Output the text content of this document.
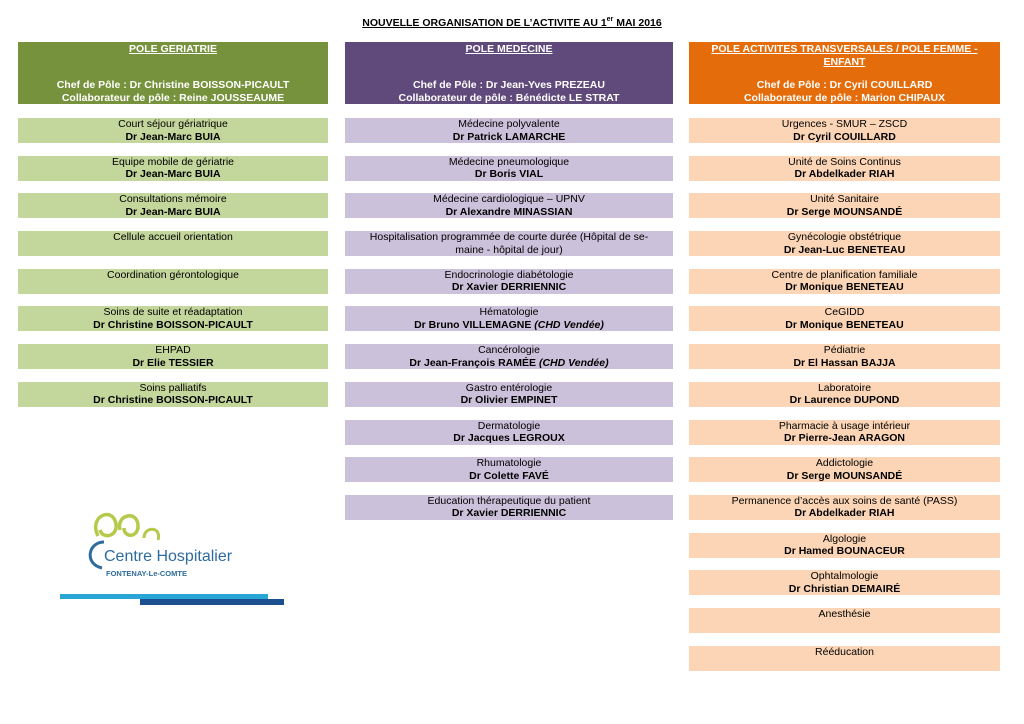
NOUVELLE ORGANISATION DE L’ACTIVITE AU 1er MAI 2016
POLE GERIATRIE
Chef de Pôle : Dr Christine BOISSON-PICAULT
Collaborateur de pôle : Reine JOUSSEAUME
Court séjour gériatrique
Dr Jean-Marc BUIA
Equipe mobile de gériatrie
Dr Jean-Marc BUIA
Consultations mémoire
Dr Jean-Marc BUIA
Cellule accueil orientation
Coordination gérontologique
Soins de suite et réadaptation
Dr Christine BOISSON-PICAULT
EHPAD
Dr Elie TESSIER
Soins palliatifs
Dr Christine BOISSON-PICAULT
POLE MEDECINE
Chef de Pôle : Dr Jean-Yves PREZEAU
Collaborateur de pôle : Bénédicte LE STRAT
Médecine polyvalente
Dr Patrick LAMARCHE
Médecine pneumologique
Dr Boris VIAL
Médecine cardiologique – UPNV
Dr Alexandre MINASSIAN
Hospitalisation programmée de courte durée (Hôpital de se-maine - hôpital de jour)
Endocrinologie diabétologie
Dr Xavier DERRIENNIC
Hématologie
Dr Bruno VILLEMAGNE (CHD Vendée)
Cancérologie
Dr Jean-François RAMÉE (CHD Vendée)
Gastro entérologie
Dr Olivier EMPINET
Dermatologie
Dr Jacques LEGROUX
Rhumatologie
Dr Colette FAVÉ
Education thérapeutique du patient
Dr Xavier DERRIENNIC
POLE ACTIVITES TRANSVERSALES / POLE FEMME - ENFANT
Chef de Pôle : Dr Cyril COUILLARD
Collaborateur de pôle : Marion CHIPAUX
Urgences - SMUR – ZSCD
Dr Cyril COUILLARD
Unité de Soins Continus
Dr Abdelkader RIAH
Unité Sanitaire
Dr Serge MOUNSANDÉ
Gynécologie obstétrique
Dr Jean-Luc BENETEAU
Centre de planification familiale
Dr Monique BENETEAU
CeGIDD
Dr Monique BENETEAU
Pédiatrie
Dr El Hassan BAJJA
Laboratoire
Dr Laurence DUPOND
Pharmacie à usage intérieur
Dr Pierre-Jean ARAGON
Addictologie
Dr Serge MOUNSANDÉ
Permanence d’accès aux soins de santé (PASS)
Dr Abdelkader RIAH
Algologie
Dr Hamed BOUNACEUR
Ophtalmologie
Dr Christian DEMAIRÉ
Anesthésie
Rééducation
Centre Hospitalier
FONTENAY-Le-COMTE
